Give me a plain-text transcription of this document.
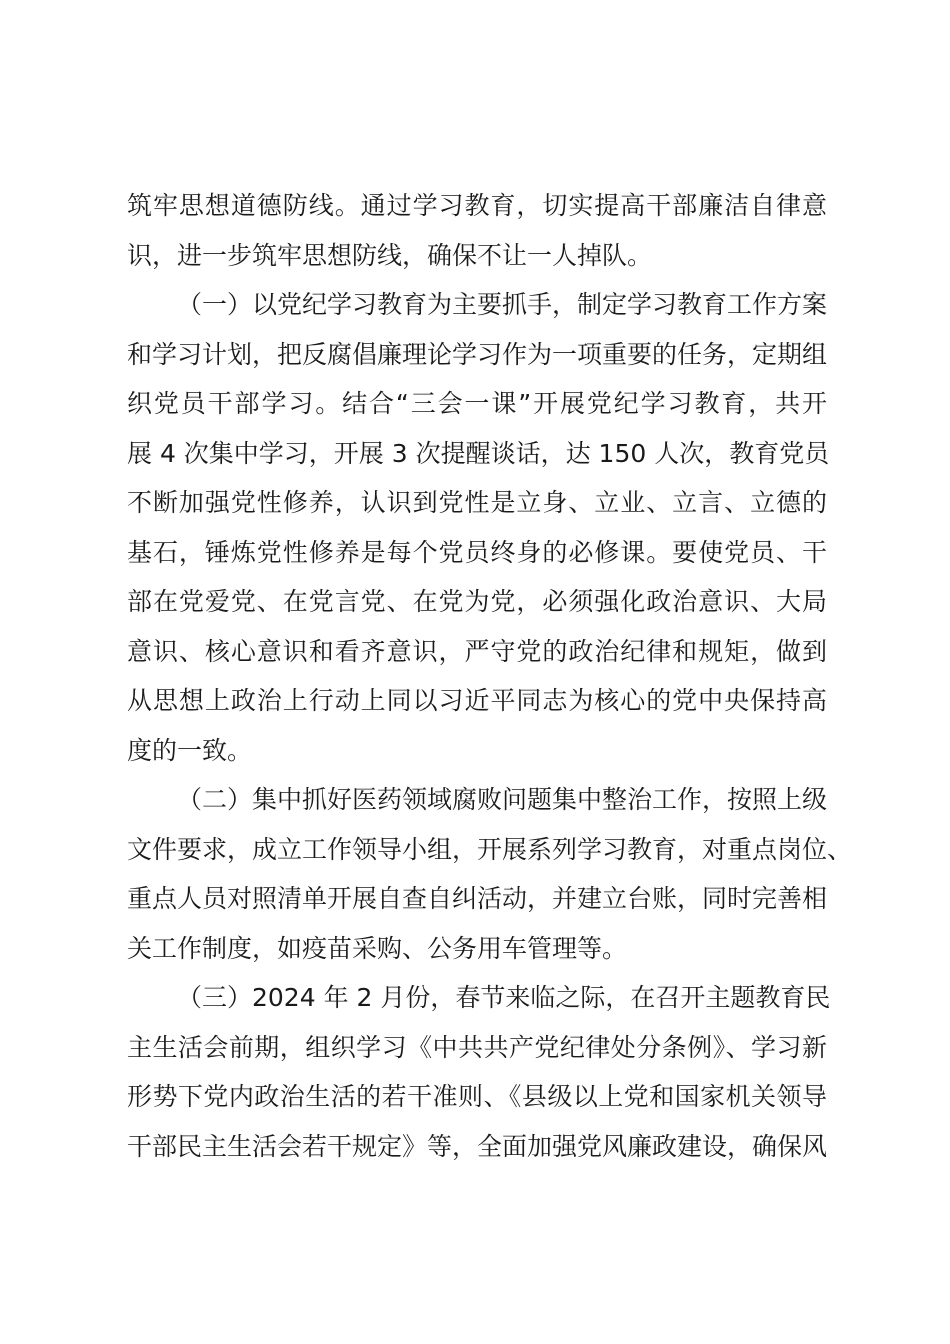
筑牢思想道德防线。通过学习教育，切实提高干部廉洁自律意
识，进一步筑牢思想防线，确保不让一人掉队。
（一）以党纪学习教育为主要抓手，制定学习教育工作方案
和学习计划，把反腐倡廉理论学习作为一项重要的任务，定期组
织党员干部学习。结合“三会一课”开展党纪学习教育，共开
展 4 次集中学习，开展 3 次提醒谈话，达 150 人次，教育党员
不断加强党性修养，认识到党性是立身、立业、立言、立德的
基石，锤炼党性修养是每个党员终身的必修课。要使党员、干
部在党爱党、在党言党、在党为党，必须强化政治意识、大局
意识、核心意识和看齐意识，严守党的政治纪律和规矩，做到
从思想上政治上行动上同以习近平同志为核心的党中央保持高
度的一致。
（二）集中抓好医药领域腐败问题集中整治工作，按照上级
文件要求，成立工作领导小组，开展系列学习教育，对重点岗位、
重点人员对照清单开展自查自纠活动，并建立台账，同时完善相
关工作制度，如疫苗采购、公务用车管理等。
（三）2024 年 2 月份，春节来临之际，在召开主题教育民
主生活会前期，组织学习《中共共产党纪律处分条例》、学习新
形势下党内政治生活的若干准则、《县级以上党和国家机关领导
干部民主生活会若干规定》等，全面加强党风廉政建设，确保风
